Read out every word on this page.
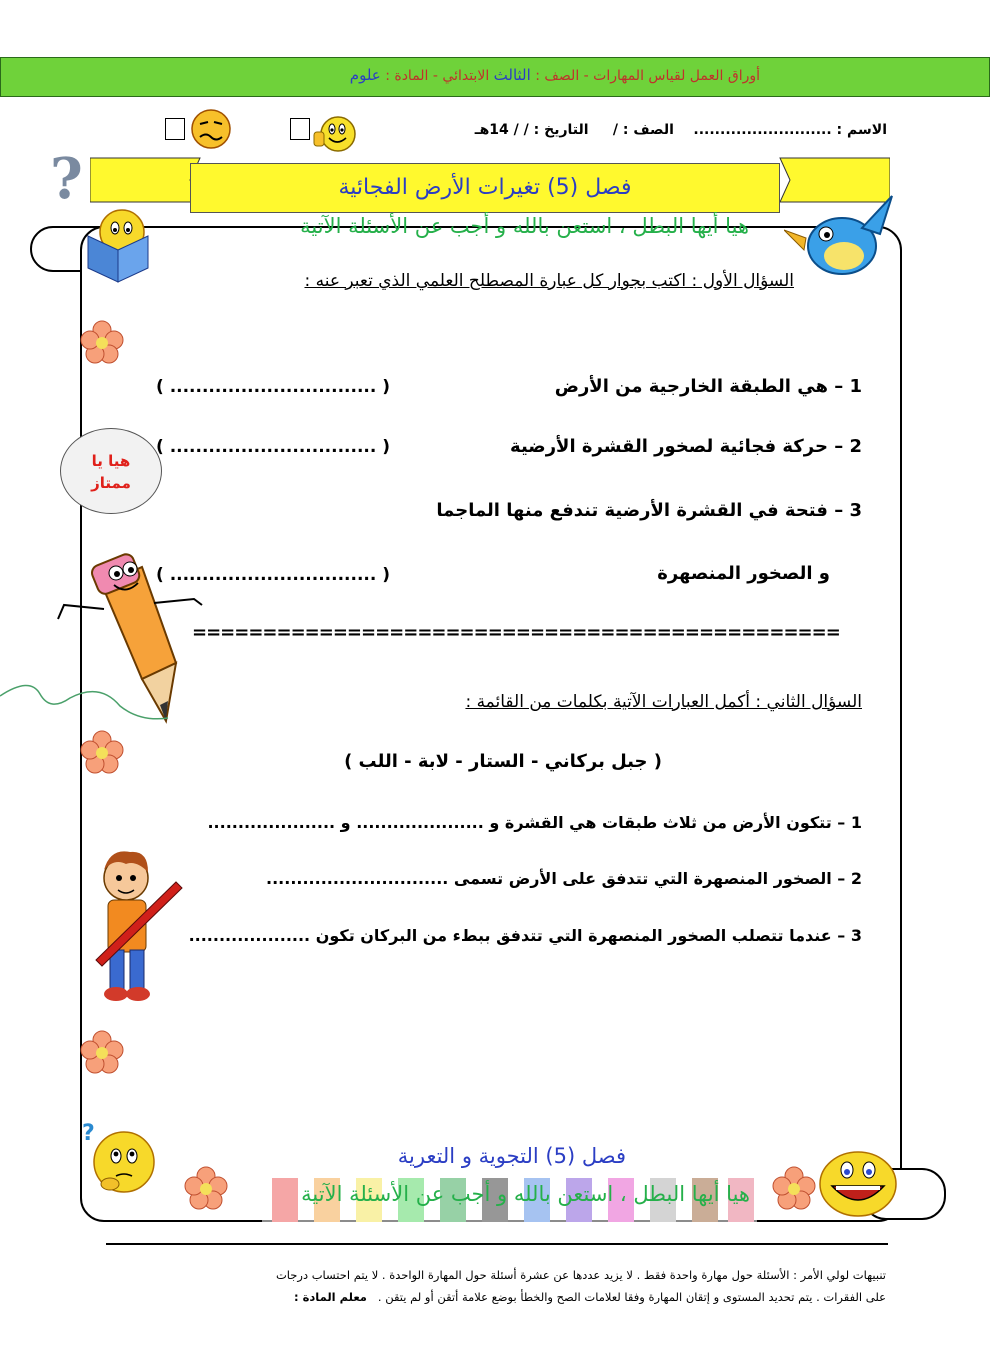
أوراق العمل لقياس المهارات - الصف : الثالث الابتدائي - المادة : علوم
الاسم : ..........................    الصف : /     التاريخ : / / 14هـ
?	فصل (5) تغيرات الأرض الفجائية
هيا أيها البطل ، استعن بالله و أجب عن الأسئلة الآتية
السؤال الأول : اكتب بجوار كل عبارة المصطلح العلمي الذي تعبر عنه :
1 – هي الطبقة الخارجية من الأرض
( ................................ )
2 – حركة فجائية لصخور القشرة الأرضية
( ................................ )
3 – فتحة في القشرة الأرضية تندفع منها الماجما
و الصخور المنصهرة
( ................................ )
==============================================
هيا يا
ممتاز
السؤال الثاني : أكمل العبارات الآتية بكلمات من القائمة :
( جبل بركاني - الستار - لابة - اللب )
1 – تتكون الأرض من ثلاث طبقات هي القشرة و ..................... و .....................
2 – الصخور المنصهرة التي تتدفق على الأرض تسمى ..............................
3 – عندما تتصلب الصخور المنصهرة التي تتدفق ببطء من البركان تكون ....................
?
فصل (5) التجوية و التعرية
هيا أيها البطل ، استعن بالله و أجب عن الأسئلة الآتية
تنبيهات لولي الأمر : الأسئلة حول مهارة واحدة فقط . لا يزيد عددها عن عشرة أسئلة حول المهارة الواحدة . لا يتم احتساب درجات
على الفقرات . يتم تحديد المستوى و إتقان المهارة وفقا لعلامات الصح والخطأ بوضع علامة أتقن أو لم يتقن .   معلم المادة :
